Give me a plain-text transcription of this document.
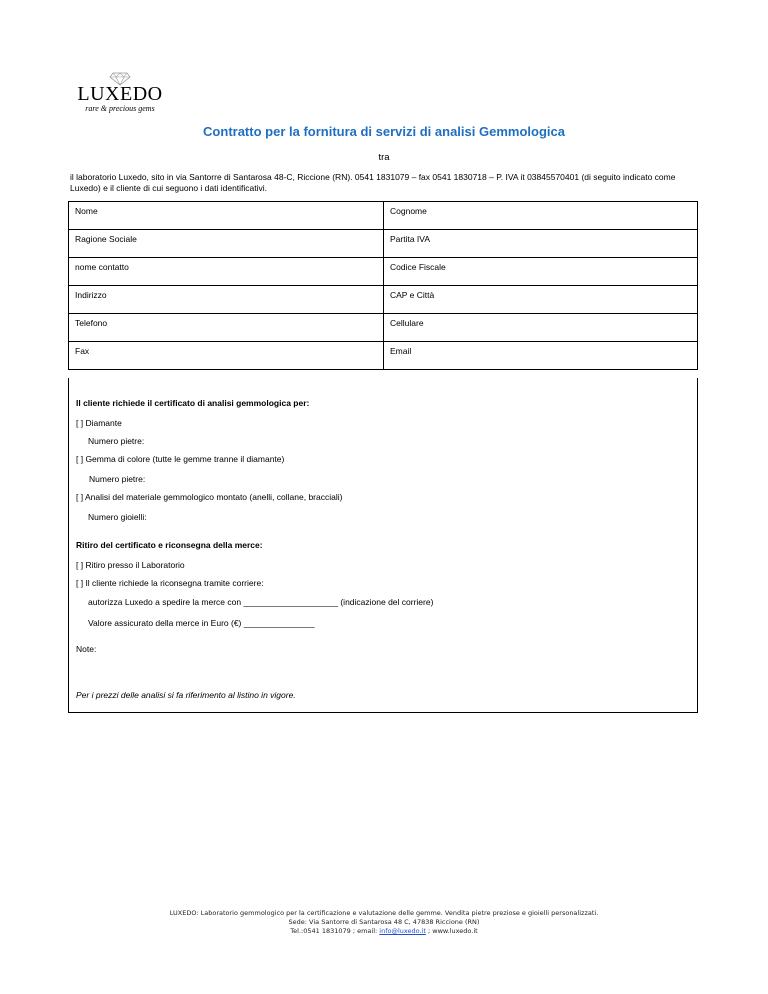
LUXEDO
rare & precious gems
Contratto per la fornitura di servizi di analisi Gemmologica
tra
il laboratorio Luxedo, sito in via Santorre di Santarosa 48-C, Riccione (RN). 0541 1831079 – fax 0541 1830718 – P. IVA it 03845570401 (di seguito indicato come Luxedo) e il cliente di cui seguono i dati identificativi.
Nome	Cognome
Ragione Sociale	Partita IVA
nome contatto	Codice Fiscale
Indirizzo	CAP e Città
Telefono	Cellulare
Fax	Email
Il cliente richiede il certificato di analisi gemmologica per:
[ ] Diamante
Numero pietre:
[ ] Gemma di colore (tutte le gemme tranne il diamante)
Numero pietre:
[ ] Analisi del materiale gemmologico montato (anelli, collane, bracciali)
Numero gioielli:
Ritiro del certificato e riconsegna della merce:
[ ] Ritiro presso il Laboratorio
[ ] Il cliente richiede la riconsegna tramite corriere:
autorizza Luxedo a spedire la merce con ____________________ (indicazione del corriere)
Valore assicurato della merce in Euro (€) _______________
Note:
Per i prezzi delle analisi si fa riferimento al listino in vigore.
LUXEDO: Laboratorio gemmologico per la certificazione e valutazione delle gemme. Vendita pietre preziose e gioielli personalizzati.
Sede: Via Santorre di Santarosa 48 C, 47838 Riccione (RN)
Tel.:0541 1831079 ; email: info@luxedo.it ; www.luxedo.it
